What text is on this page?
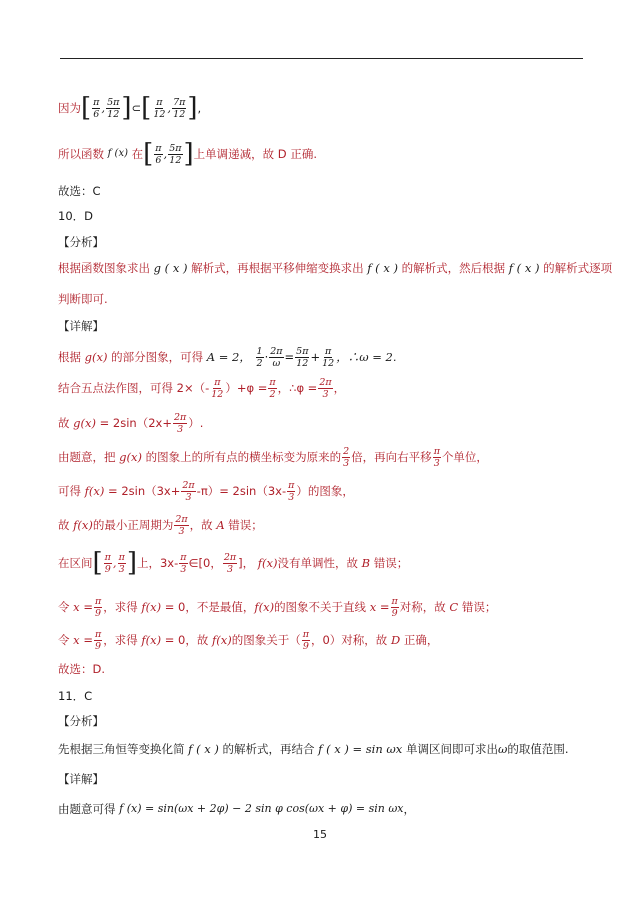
因为 [ $\frac{\pi}{6}$ , $\frac{5\pi}{12}$ ] ⊂ [ $\frac{\pi}{12}$ , $\frac{7\pi}{12}$ ] ,
所以函数
f (x)
在 [ $\frac{\pi}{6}$ , $\frac{5\pi}{12}$ ] 上单调递减，故 D 正确.
故选：C
10．D
【分析】
根据函数图象求出
g ( x )
解析式，再根据平移伸缩变换求出
f ( x )
的解析式，然后根据
f ( x )
的解析式逐项
判断即可.
【详解】
根据
g(x)
的部分图象，可得
A = 2，
$\frac{1}{2} \cdot \frac{2\pi}{\omega} = \frac{5\pi}{12} + \frac{\pi}{12}$ ，∴ω = 2.
结合五点法作图，可得 $2\times(- \frac{\pi}{12} )+\varphi = \frac{\pi}{2}$ ，∴φ = $\frac{2\pi}{3}$ ，
故
g(x)
= $2\sin(2x+ \frac{2\pi}{3}$ ）.
由题意，把
g(x)
的图象上的所有点的横坐标变为原来的 $\frac{2}{3}$ 倍，再向右平移 $\frac{\pi}{3}$ 个单位，
可得
f(x)
= $2\sin(3x+ \frac{2\pi}{3} -\pi)= 2\sin(3x- \frac{\pi}{3}$ ）的图象，
故
f(x) 的最小正周期为 $\frac{2\pi}{3}$ ，故
A
错误；
在区间 [ $\frac{\pi}{9}$ , $\frac{\pi}{3}$ ] 上，$3x- \frac{\pi}{3}$ ∈[0， $\frac{2\pi}{3}$ ]，
f(x) 没有单调性，故
B
错误；
令
x
= $\frac{\pi}{9}$ ，求得
f(x)
= 0，不是最值， f(x) 的图象不关于直线
x
= $\frac{\pi}{9}$ 对称，故
C
错误；
令
x
= $\frac{\pi}{9}$ ，求得
f(x)
= 0，故
f(x) 的图象关于（ $\frac{\pi}{9}$ ，0）对称，故
D
正确，
故选：D.
11．C
【分析】
先根据三角恒等变换化简
f ( x )
的解析式，再结合
f ( x ) = sin ωx
单调区间即可求出 ω 的取值范围.
【详解】
由题意可得
f (x) = sin(ωx + 2φ) − 2 sin φ cos(ωx + φ) = sin ωx ，
15
